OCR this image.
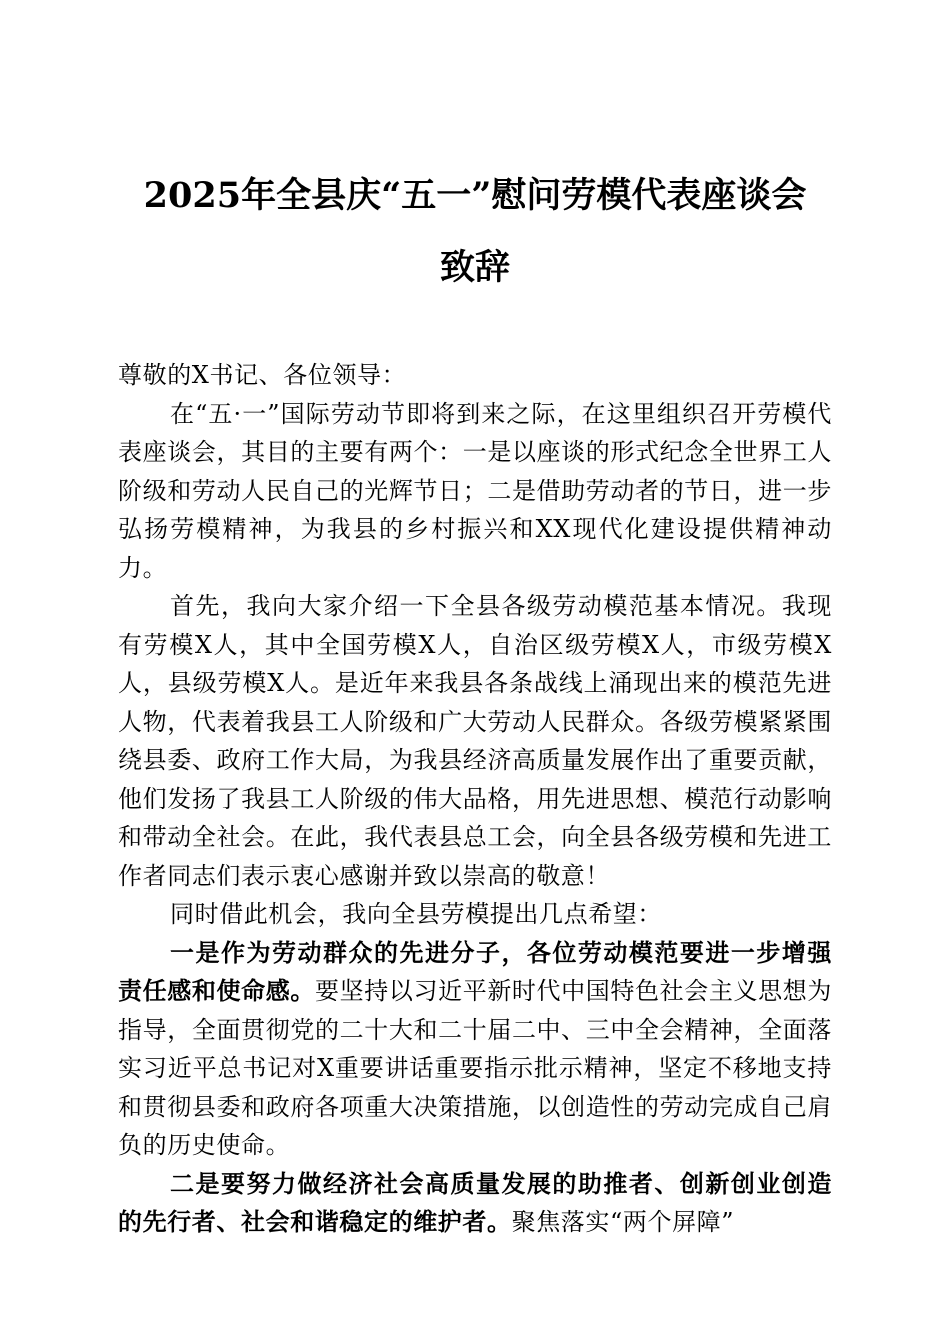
2025年全县庆“五一”慰问劳模代表座谈会
致辞

尊敬的X书记、各位领导：

在“五·一”国际劳动节即将到来之际，在这里组织召开劳模代表座谈会，其目的主要有两个：一是以座谈的形式纪念全世界工人阶级和劳动人民自己的光辉节日；二是借助劳动者的节日，进一步弘扬劳模精神，为我县的乡村振兴和XX现代化建设提供精神动力。

首先，我向大家介绍一下全县各级劳动模范基本情况。我现有劳模X人，其中全国劳模X人，自治区级劳模X人，市级劳模X人，县级劳模X人。是近年来我县各条战线上涌现出来的模范先进人物，代表着我县工人阶级和广大劳动人民群众。各级劳模紧紧围绕县委、政府工作大局，为我县经济高质量发展作出了重要贡献，他们发扬了我县工人阶级的伟大品格，用先进思想、模范行动影响和带动全社会。在此，我代表县总工会，向全县各级劳模和先进工作者同志们表示衷心感谢并致以崇高的敬意！

同时借此机会，我向全县劳模提出几点希望：

一是作为劳动群众的先进分子，各位劳动模范要进一步增强责任感和使命感。要坚持以习近平新时代中国特色社会主义思想为指导，全面贯彻党的二十大和二十届二中、三中全会精神，全面落实习近平总书记对X重要讲话重要指示批示精神，坚定不移地支持和贯彻县委和政府各项重大决策措施，以创造性的劳动完成自己肩负的历史使命。

二是要努力做经济社会高质量发展的助推者、创新创业创造的先行者、社会和谐稳定的维护者。聚焦落实“两个屏障”
